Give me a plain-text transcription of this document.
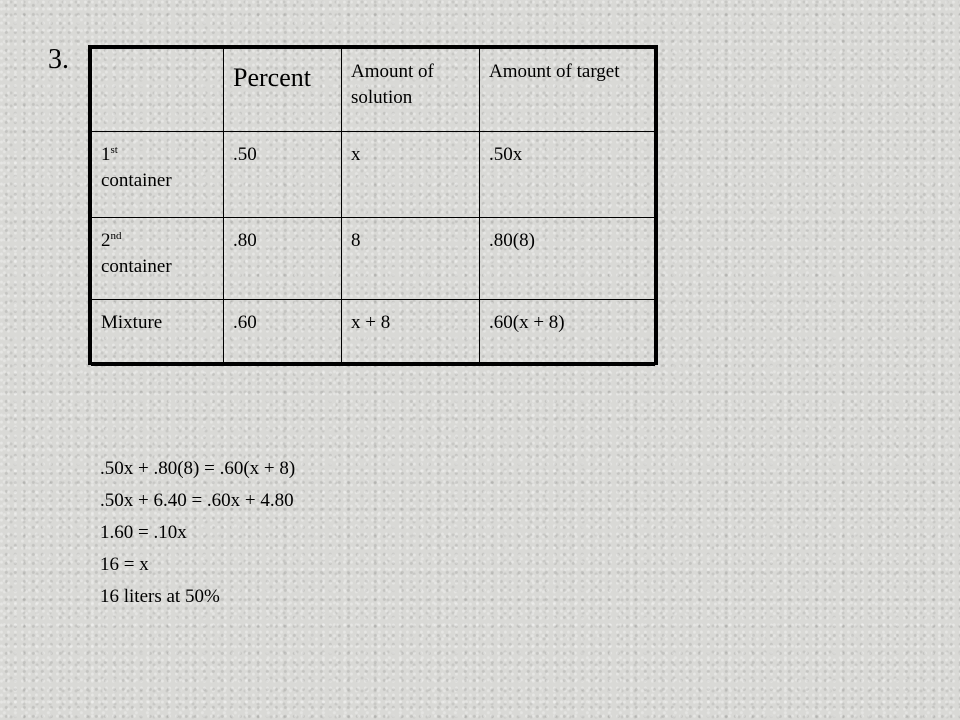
3.

	Percent	Amount of solution	Amount of target

1st
container	.50	x	.50x

2nd
container	.80	8	.80(8)

Mixture	.60	x + 8	.60(x + 8)
.50x + .80(8) = .60(x + 8)
.50x + 6.40 = .60x + 4.80
1.60 = .10x
16 = x
16 liters at 50%
